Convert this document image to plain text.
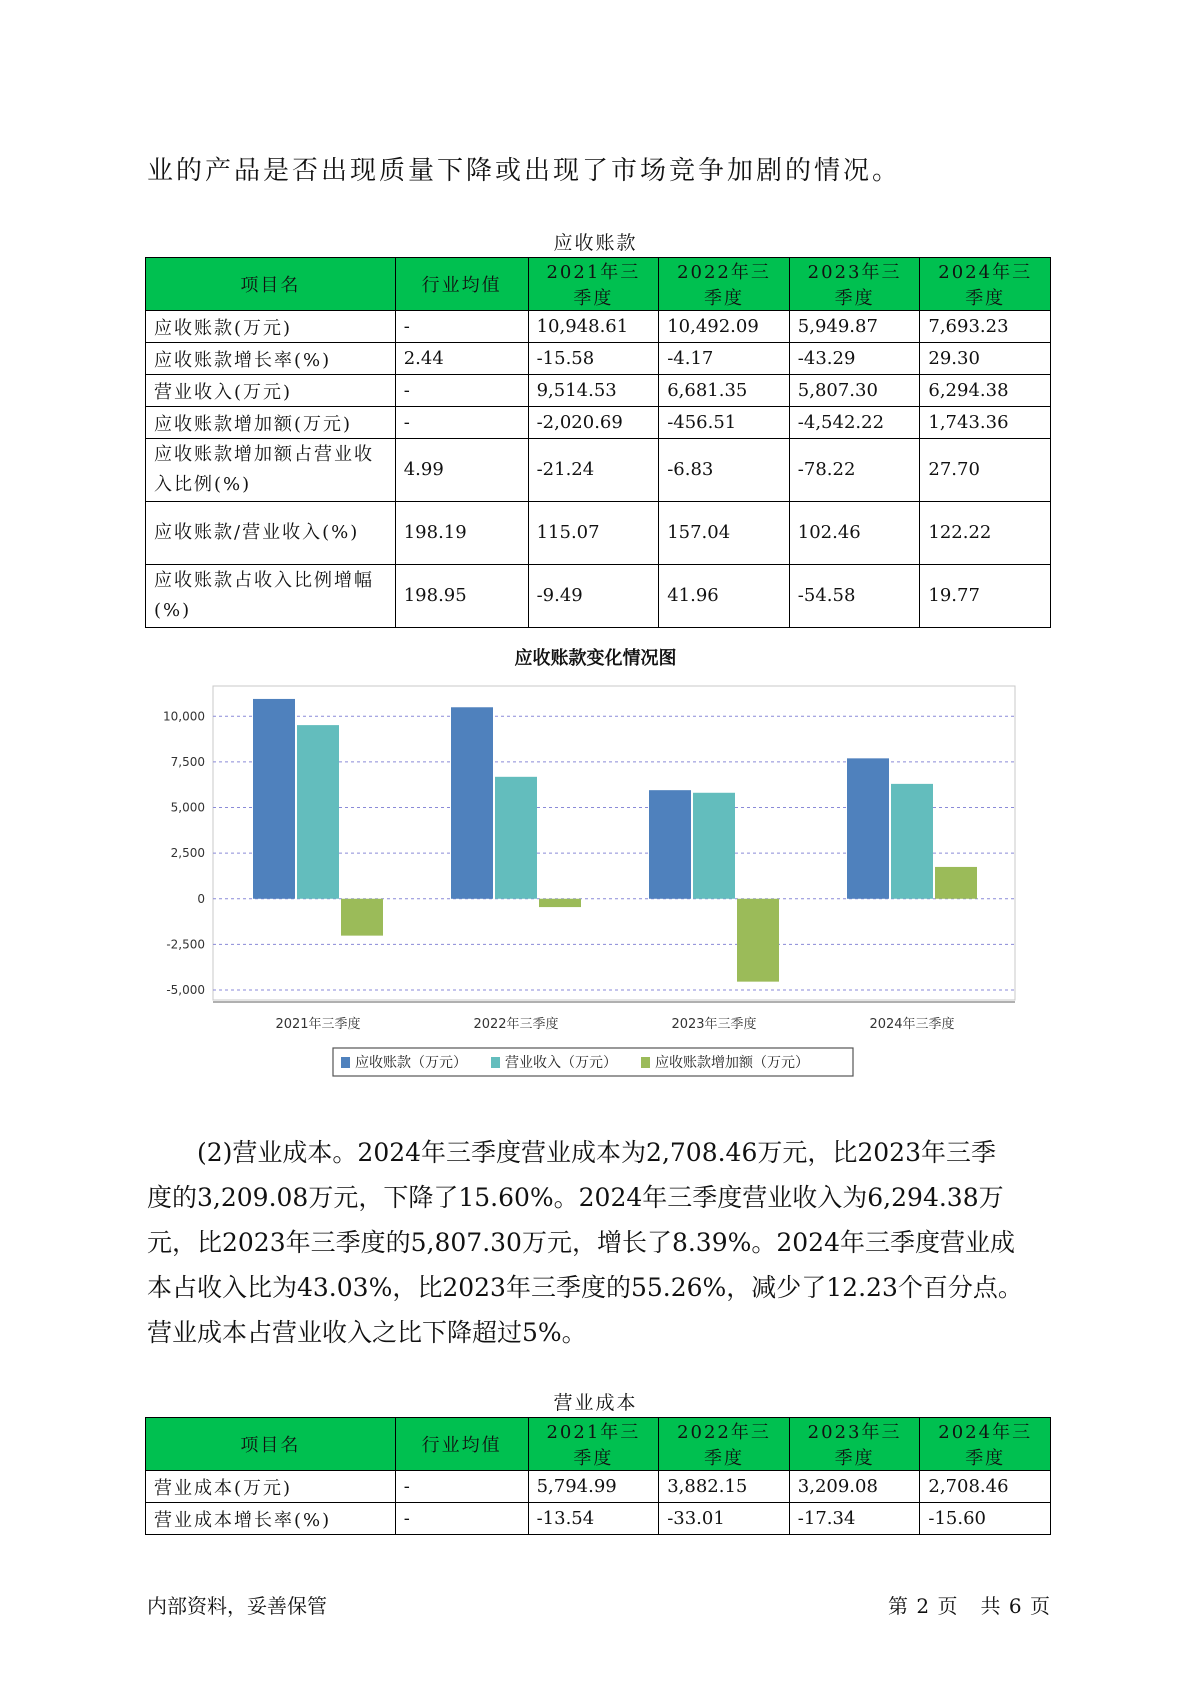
业的产品是否出现质量下降或出现了市场竞争加剧的情况。
应收账款
项目名	行业均值	2021年三季度	2022年三季度	2023年三季度	2024年三季度
应收账款(万元)	-	10,948.61	10,492.09	5,949.87	7,693.23
应收账款增长率(%)	2.44	-15.58	-4.17	-43.29	29.30
营业收入(万元)	-	9,514.53	6,681.35	5,807.30	6,294.38
应收账款增加额(万元)	-	-2,020.69	-456.51	-4,542.22	1,743.36
应收账款增加额占营业收入比例(%)	4.99	-21.24	-6.83	-78.22	27.70
应收账款/营业收入(%)	198.19	115.07	157.04	102.46	122.22
应收账款占收入比例增幅(%)	198.95	-9.49	41.96	-54.58	19.77
应收账款变化情况图
10,000
7,500
5,000
2,500
0
-2,500
-5,000
2021年三季度	2022年三季度	2023年三季度	2024年三季度
应收账款（万元）	营业收入（万元）	应收账款增加额（万元）

(2)营业成本。2024年三季度营业成本为2,708.46万元，比2023年三季

度的3,209.08万元，下降了15.60%。2024年三季度营业收入为6,294.38万

元，比2023年三季度的5,807.30万元，增长了8.39%。2024年三季度营业成

本占收入比为43.03%，比2023年三季度的55.26%，减少了12.23个百分点。

营业成本占营业收入之比下降超过5%。

营业成本
项目名	行业均值	2021年三季度	2022年三季度	2023年三季度	2024年三季度
营业成本(万元)	-	5,794.99	3,882.15	3,209.08	2,708.46
营业成本增长率(%)	-	-13.54	-33.01	-17.34	-15.60
内部资料，妥善保管	第 2 页   共 6 页
